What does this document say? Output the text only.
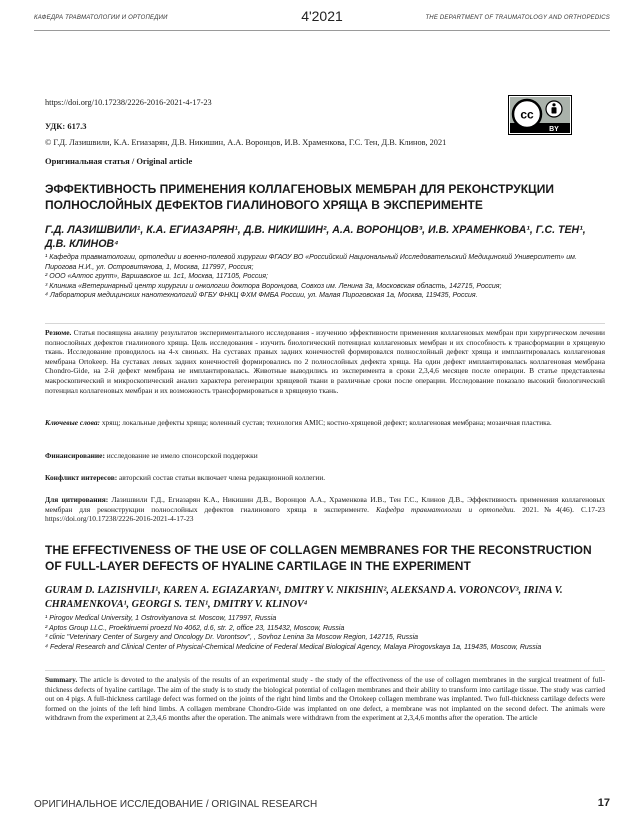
КАФЕДРА ТРАВМАТОЛОГИИ И ОРТОПЕДИИ	4'2021	THE DEPARTMENT OF TRAUMATOLOGY AND ORTHOPEDICS
https://doi.org/10.17238/2226-2016-2021-4-17-23
УДК: 617.3
© Г.Д. Лазишвили, К.А. Егиазарян, Д.В. Никишин, А.А. Воронцов, И.В. Храменкова, Г.С. Тен, Д.В. Клинов, 2021
Оригинальная статья / Original article
cc
BY
ЭФФЕКТИВНОСТЬ ПРИМЕНЕНИЯ КОЛЛАГЕНОВЫХ МЕМБРАН ДЛЯ РЕКОНСТРУКЦИИ ПОЛНОСЛОЙНЫХ ДЕФЕКТОВ ГИАЛИНОВОГО ХРЯЩА В ЭКСПЕРИМЕНТЕ
Г.Д. ЛАЗИШВИЛИ¹, К.А. ЕГИАЗАРЯН¹, Д.В. НИКИШИН², А.А. ВОРОНЦОВ³, И.В. ХРАМЕНКОВА¹, Г.С. ТЕН¹, Д.В. КЛИНОВ⁴

¹ Кафедра травматологии, ортопедии и военно-полевой хирургии ФГАОУ ВО «Российский Национальный Исследовательский Медицинский Университет» им. Пирогова Н.И., ул. Островитянова, 1, Москва, 117997, Россия;

² ООО «Алтос групп», Варшавское ш. 1с1, Москва, 117105, Россия;

³ Клиника «Ветеринарный центр хирургии и онкологии доктора Воронцова, Совхоз им. Ленина 3а, Московская область, 142715, Россия;

⁴ Лаборатория медицинских нанотехнологий ФГБУ ФНКЦ ФХМ ФМБА России, ул. Малая Пироговская 1а, Москва, 119435, Россия.

Резюме. Статья посвящена анализу результатов экспериментального исследования - изучению эффективности применения коллагеновых мембран при хирургическом лечении полнослойных дефектов гиалинового хряща. Цель исследования - изучить биологический потенциал коллагеновых мембран и их способность к трансформации в хрящевую ткань. Исследование проводилось на 4-х свиньях. На суставах правых задних конечностей формировался полнослойный дефект хряща и имплантировалась коллагеновая мембрана Ortokeep. На суставах левых задних конечностей формировались по 2 полнослойных дефекта хряща. На один дефект имплантировалась коллагеновая мембрана Chondro-Gide, на 2-й дефект мембрана не имплантировалась. Животные выводились из эксперимента в сроки 2,3,4,6 месяцев после операции. В статье представлены макроскопический и микроскопический анализ характера регенерации хрящевой ткани в различные сроки после операции. Исследование показало высокий биологический потенциал коллагеновых мембран и их возможность трансформироваться в хрящевую ткань.

Ключевые слова: хрящ; локальные дефекты хряща; коленный сустав; технология AMIC; костно-хрящевой дефект; коллагеновая мембрана; мозаичная пластика.

Финансирование: исследование не имело спонсорской поддержки

Конфликт интересов: авторский состав статьи включает члена редакционной коллегии.

Для цитирования: Лазишвили Г.Д., Егиазарян К.А., Никишин Д.В., Воронцов А.А., Храменкова И.В., Тен Г.С., Клинов Д.В., Эффективность применения коллагеновых мембран для реконструкции полнослойных дефектов гиалинового хряща в эксперименте. Кафедра травматологии и ортопедии. 2021.№4(46). C.17-23 https://doi.org/10.17238/2226-2016-2021-4-17-23

THE EFFECTIVENESS OF THE USE OF COLLAGEN MEMBRANES FOR THE RECONSTRUCTION OF FULL-LAYER DEFECTS OF HYALINE CARTILAGE IN THE EXPERIMENT
GURAM D. LAZISHVILI¹, KAREN A. EGIAZARYAN¹, DMITRY V. NIKISHIN², ALEKSAND A. VORONCOV³, IRINA V. CHRAMENKOVA¹, GEORGI S. TEN¹, DMITRY V. KLINOV⁴

¹ Pirogov Medical University, 1 Ostrovityanova st. Moscow, 117997, Russia

² Aptos Group LLC., Proektiruemi proezd No 4062, d.6, str. 2, office 23, 115432, Moscow, Russia

³ clinic "Veterinary Center of Surgery and Oncology Dr. Vorontsov", , Sovhoz Lenina 3a Moscow Region, 142715, Russia

⁴ Federal Research and Clinical Center of Physical-Chemical Medicine of Federal Medical Biological Agency, Malaya Pirogovskaya 1a, 119435, Moscow, Russia

Summary. The article is devoted to the analysis of the results of an experimental study - the study of the effectiveness of the use of collagen membranes in the surgical treatment of full-thickness defects of hyaline cartilage. The aim of the study is to study the biological potential of collagen membranes and their ability to transform into cartilage tissue. The study was carried out on 4 pigs. A full-thickness cartilage defect was formed on the joints of the right hind limbs and the Ortokeep collagen membrane was implanted. Two full-thickness cartilage defects were formed on the joints of the left hind limbs. A collagen membrane Chondro-Gide was implanted on one defect, a membrane was not implanted on the second defect. The animals were withdrawn from the experiment at 2,3,4,6 months after the operation. The animals were withdrawn from the experiment at 2,3,4,6 months after the operation. The article

ОРИГИНАЛЬНОЕ ИССЛЕДОВАНИЕ / ORIGINAL RESEARCH	17
